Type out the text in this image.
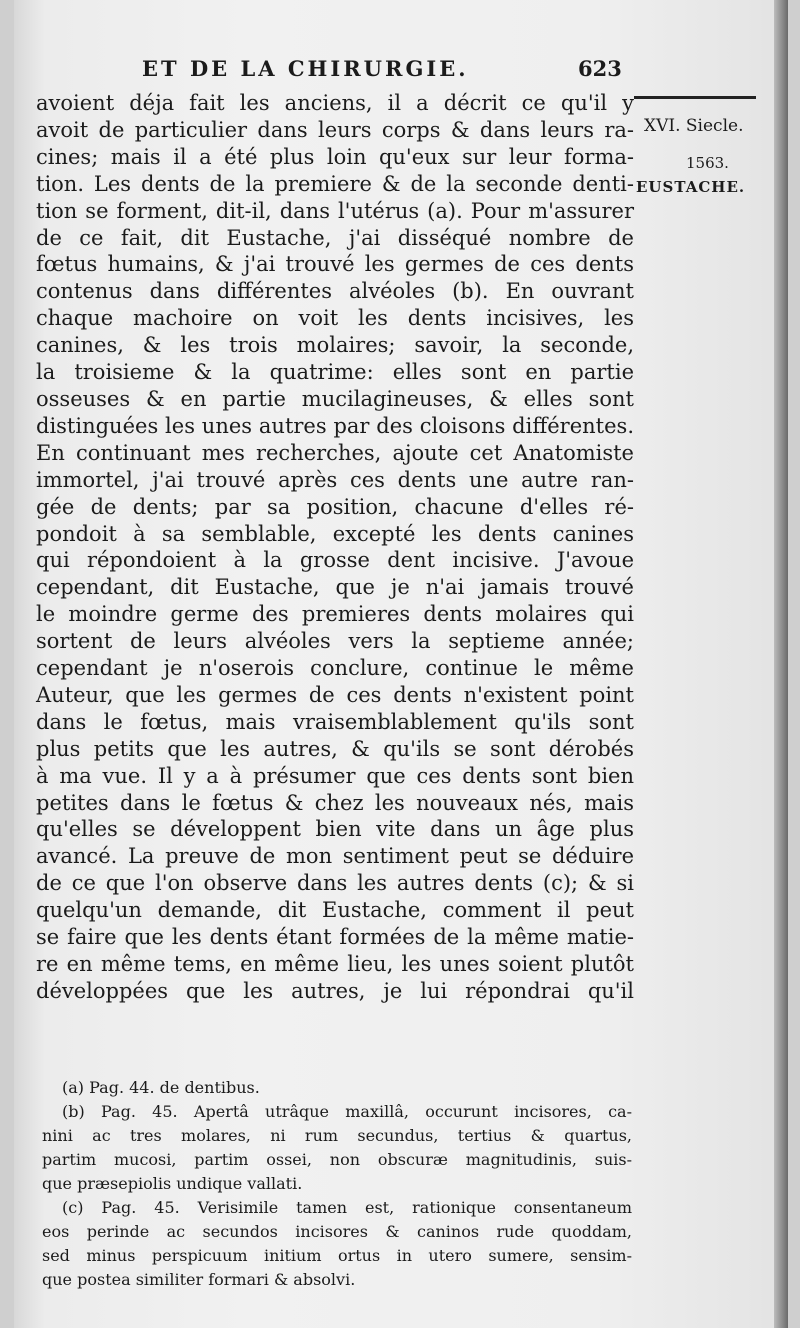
ET DE LA CHIRURGIE.	623
XVI. Siecle.
1563.
EUSTACHE.
avoient déja fait les anciens, il a décrit ce qu'il y
avoit de particulier dans leurs corps & dans leurs ra-
cines; mais il a été plus loin qu'eux sur leur forma-
tion. Les dents de la premiere & de la seconde denti-
tion se forment, dit-il, dans l'utérus (a). Pour m'assurer
de ce fait, dit Eustache, j'ai disséqué nombre de
fœtus humains, & j'ai trouvé les germes de ces dents
contenus dans différentes alvéoles (b). En ouvrant
chaque machoire on voit les dents incisives, les
canines, & les trois molaires; savoir, la seconde,
la troisieme & la quatrime: elles sont en partie
osseuses & en partie mucilagineuses, & elles sont
distinguées les unes autres par des cloisons différentes.
En continuant mes recherches, ajoute cet Anatomiste
immortel, j'ai trouvé après ces dents une autre ran-
gée de dents; par sa position, chacune d'elles ré-
pondoit à sa semblable, excepté les dents canines
qui répondoient à la grosse dent incisive. J'avoue
cependant, dit Eustache, que je n'ai jamais trouvé
le moindre germe des premieres dents molaires qui
sortent de leurs alvéoles vers la septieme année;
cependant je n'oserois conclure, continue le même
Auteur, que les germes de ces dents n'existent point
dans le fœtus, mais vraisemblablement qu'ils sont
plus petits que les autres, & qu'ils se sont dérobés
à ma vue. Il y a à présumer que ces dents sont bien
petites dans le fœtus & chez les nouveaux nés, mais
qu'elles se développent bien vite dans un âge plus
avancé. La preuve de mon sentiment peut se déduire
de ce que l'on observe dans les autres dents (c); & si
quelqu'un demande, dit Eustache, comment il peut
se faire que les dents étant formées de la même matie-
re en même tems, en même lieu, les unes soient plutôt
développées que les autres, je lui répondrai qu'il
(a) Pag. 44. de dentibus.
(b) Pag. 45. Apertâ utrâque maxillâ, occurunt incisores, ca-
nini ac tres molares, ni rum secundus, tertius & quartus,
partim mucosi, partim ossei, non obscuræ magnitudinis, suis-
que præsepiolis undique vallati.
(c) Pag. 45. Verisimile tamen est, rationique consentaneum
eos perinde ac secundos incisores & caninos rude quoddam,
sed minus perspicuum initium ortus in utero sumere, sensim-
que postea similiter formari & absolvi.
